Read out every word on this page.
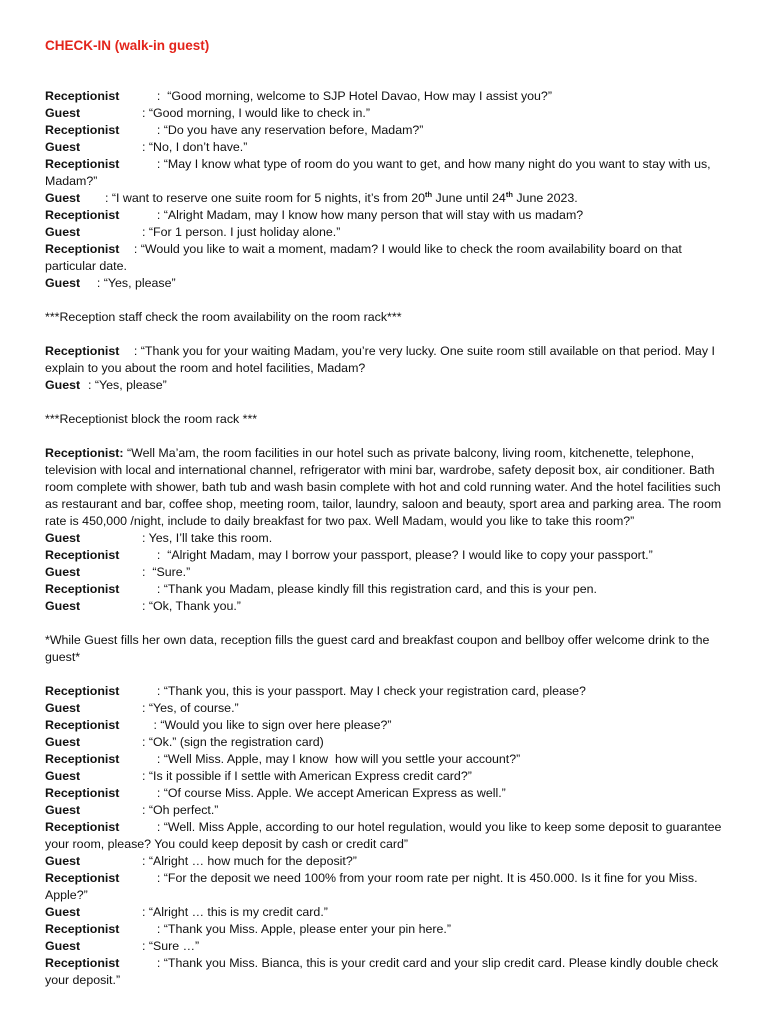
CHECK-IN (walk-in guest)
Receptionist :  “Good morning, welcome to SJP Hotel Davao, How may I assist you?”
Guest	: “Good morning, I would like to check in.”
Receptionist : “Do you have any reservation before, Madam?”
Guest	: “No, I don’t have.”
Receptionist : “May I know what type of room do you want to get, and how many night do you want to stay with us, Madam?”
Guest : “I want to reserve one suite room for 5 nights, it’s from 20th June until 24th June 2023.
Receptionist : “Alright Madam, may I know how many person that will stay with us madam?
Guest	: “For 1 person. I just holiday alone.”
Receptionist : “Would you like to wait a moment, madam? I would like to check the room availability board on that particular date.
Guest : “Yes, please”
***Reception staff check the room availability on the room rack***
Receptionist : “Thank you for your waiting Madam, you’re very lucky. One suite room still available on that period. May I explain to you about the room and hotel facilities, Madam?
Guest : “Yes, please”
***Receptionist block the room rack ***
Receptionist: “Well Ma’am, the room facilities in our hotel such as private balcony, living room, kitchenette, telephone, television with local and international channel, refrigerator with mini bar, wardrobe, safety deposit box, air conditioner. Bath room complete with shower, bath tub and wash basin complete with hot and cold running water. And the hotel facilities such as restaurant and bar, coffee shop, meeting room, tailor, laundry, saloon and beauty, sport area and parking area. The room rate is 450,000 /night, include to daily breakfast for two pax. Well Madam, would you like to take this room?”
Guest	: Yes, I’ll take this room.
Receptionist :  “Alright Madam, may I borrow your passport, please? I would like to copy your passport.”
Guest	:  “Sure.”
Receptionist : “Thank you Madam, please kindly fill this registration card, and this is your pen.
Guest	: “Ok, Thank you.”
*While Guest fills her own data, reception fills the guest card and breakfast coupon and bellboy offer welcome drink to the guest*
Receptionist : “Thank you, this is your passport. May I check your registration card, please?
Guest	: “Yes, of course.”
Receptionist : “Would you like to sign over here please?”
Guest	: “Ok.” (sign the registration card)
Receptionist : “Well Miss. Apple, may I know  how will you settle your account?”
Guest	: “Is it possible if I settle with American Express credit card?”
Receptionist : “Of course Miss. Apple. We accept American Express as well.”
Guest	: “Oh perfect.”
Receptionist : “Well. Miss Apple, according to our hotel regulation, would you like to keep some deposit to guarantee  your room, please? You could keep deposit by cash or credit card”
Guest	: “Alright … how much for the deposit?”
Receptionist : “For the deposit we need 100% from your room rate per night. It is 450.000. Is it fine for you Miss. Apple?”
Guest	: “Alright … this is my credit card.”
Receptionist : “Thank you Miss. Apple, please enter your pin here.”
Guest	: “Sure …”
Receptionist : “Thank you Miss. Bianca, this is your credit card and your slip credit card. Please kindly double check your deposit.”
